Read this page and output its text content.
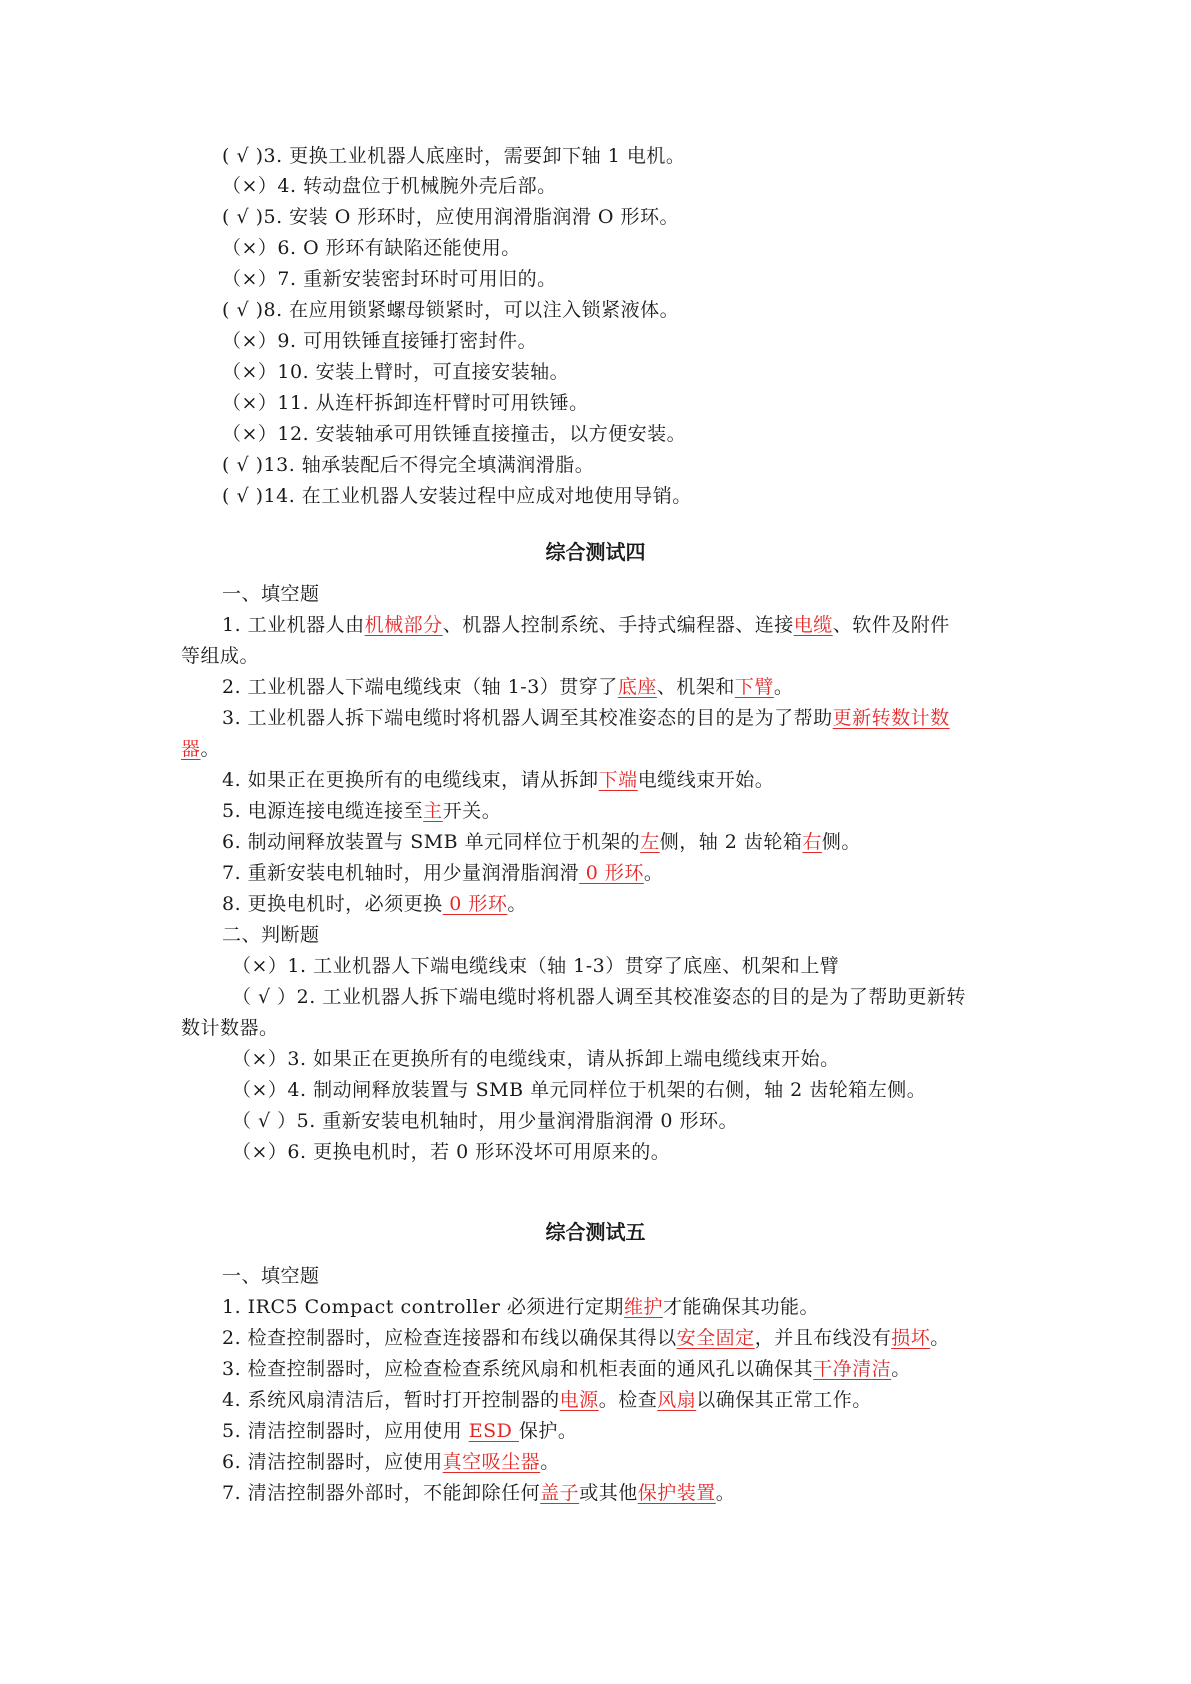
( √ )3. 更换工业机器人底座时，需要卸下轴 1 电机。
（×）4. 转动盘位于机械腕外壳后部。
( √ )5. 安装 O 形环时，应使用润滑脂润滑 O 形环。
（×）6. O 形环有缺陷还能使用。
（×）7. 重新安装密封环时可用旧的。
( √ )8. 在应用锁紧螺母锁紧时，可以注入锁紧液体。
（×）9. 可用铁锤直接锤打密封件。
（×）10. 安装上臂时，可直接安装轴。
（×）11. 从连杆拆卸连杆臂时可用铁锤。
（×）12. 安装轴承可用铁锤直接撞击，以方便安装。
( √ )13. 轴承装配后不得完全填满润滑脂。
( √ )14. 在工业机器人安装过程中应成对地使用导销。
综合测试四
一、填空题
1. 工业机器人由机械部分、机器人控制系统、手持式编程器、连接电缆、软件及附件
等组成。
2. 工业机器人下端电缆线束（轴 1-3）贯穿了底座、机架和下臂。
3. 工业机器人拆下端电缆时将机器人调至其校准姿态的目的是为了帮助更新转数计数
器。
4. 如果正在更换所有的电缆线束，请从拆卸下端电缆线束开始。
5. 电源连接电缆连接至主开关。
6. 制动闸释放装置与 SMB 单元同样位于机架的左侧，轴 2 齿轮箱右侧。
7. 重新安装电机轴时，用少量润滑脂润滑 0 形环。
8. 更换电机时，必须更换 0 形环。
二、判断题
（×）1. 工业机器人下端电缆线束（轴 1-3）贯穿了底座、机架和上臂
（ √ ）2. 工业机器人拆下端电缆时将机器人调至其校准姿态的目的是为了帮助更新转
数计数器。
（×）3. 如果正在更换所有的电缆线束，请从拆卸上端电缆线束开始。
（×）4. 制动闸释放装置与 SMB 单元同样位于机架的右侧，轴 2 齿轮箱左侧。
（ √ ）5. 重新安装电机轴时，用少量润滑脂润滑 0 形环。
（×）6. 更换电机时，若 0 形环没坏可用原来的。
综合测试五
一、填空题
1. IRC5 Compact controller 必须进行定期维护才能确保其功能。
2. 检查控制器时，应检查连接器和布线以确保其得以安全固定，并且布线没有损坏。
3. 检查控制器时，应检查检查系统风扇和机柜表面的通风孔以确保其干净清洁。
4. 系统风扇清洁后，暂时打开控制器的电源。检查风扇以确保其正常工作。
5. 清洁控制器时，应用使用 ESD 保护。
6. 清洁控制器时，应使用真空吸尘器。
7. 清洁控制器外部时，不能卸除任何盖子或其他保护装置。
